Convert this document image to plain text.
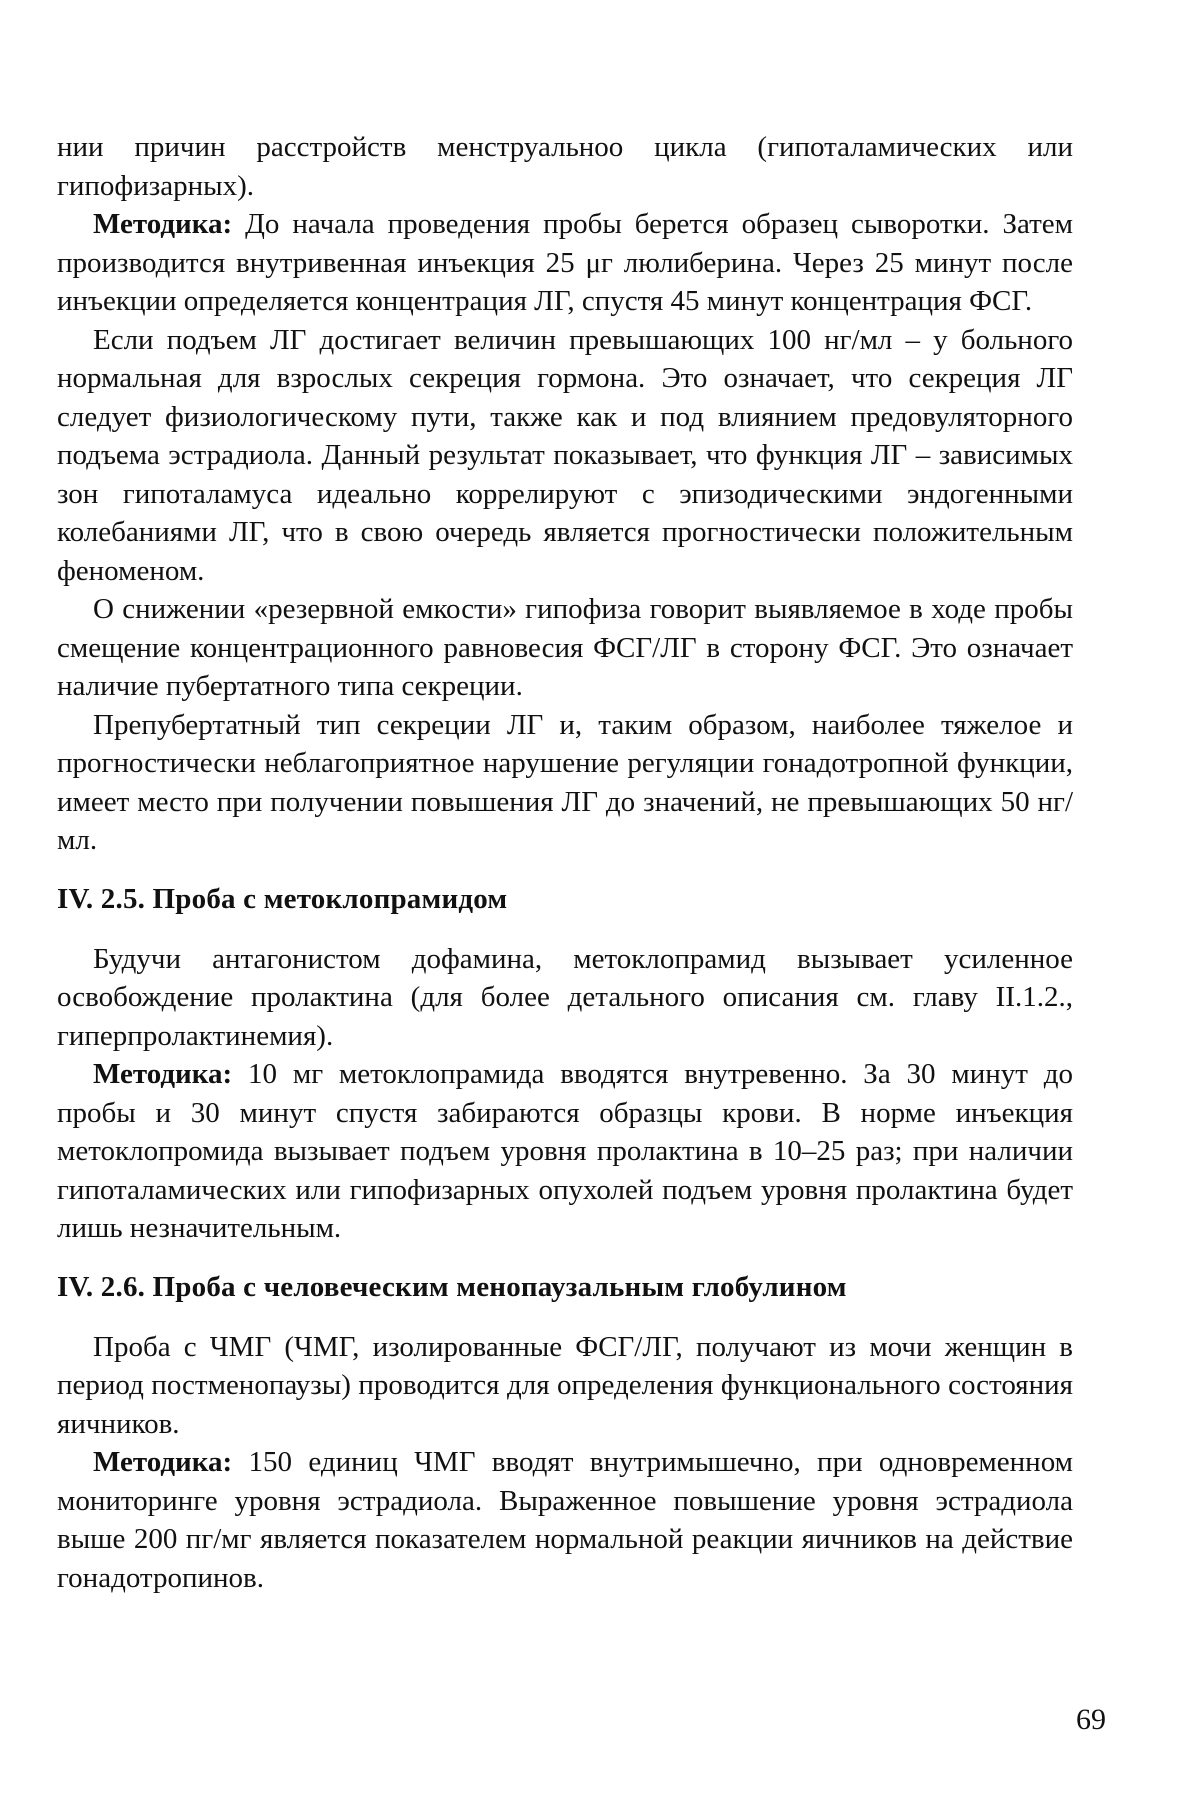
нии причин расстройств менструальноо цикла (гипоталамических или гипофизарных).

Методика: До начала проведения пробы берется образец сыворотки. Затем производится внутривенная инъекция 25 μг люлиберина. Через 25 минут после инъекции определяется концентрация ЛГ, спустя 45 минут концентрация ФСГ.

Если подъем ЛГ достигает величин превышающих 100 нг/мл – у больного нормальная для взрослых секреция гормона. Это означает, что секреция ЛГ следует физиологическому пути, также как и под влиянием предовуляторного подъема эстрадиола. Данный результат показывает, что функция ЛГ – зависимых зон гипоталамуса идеально коррелируют с эпизодическими эндогенными колебаниями ЛГ, что в свою очередь является прогностически положительным феноменом.

О снижении «резервной емкости» гипофиза говорит выявляемое в ходе пробы смещение концентрационного равновесия ФСГ/ЛГ в сторону ФСГ. Это означает наличие пубертатного типа секреции.

Препубертатный тип секреции ЛГ и, таким образом, наиболее тяжелое и прогностически неблагоприятное нарушение регуляции гонадотропной функции, имеет место при получении повышения ЛГ до значений, не превышающих 50 нг/мл.

IV. 2.5. Проба с метоклопрамидом

Будучи антагонистом дофамина, метоклопрамид вызывает усиленное освобождение пролактина (для более детального описания см. главу II.1.2., гиперпролактинемия).

Методика: 10 мг метоклопрамида вводятся внутревенно. За 30 минут до пробы и 30 минут спустя забираются образцы крови. В норме инъекция метоклопромида вызывает подъем уровня пролактина в 10–25 раз; при наличии гипоталамических или гипофизарных опухолей подъем уровня пролактина будет лишь незначительным.

IV. 2.6. Проба с человеческим менопаузальным глобулином

Проба с ЧМГ (ЧМГ, изолированные ФСГ/ЛГ, получают из мочи женщин в период постменопаузы) проводится для определения функционального состояния яичников.

Методика: 150 единиц ЧМГ вводят внутримышечно, при одновременном мониторинге уровня эстрадиола. Выраженное повышение уровня эстрадиола выше 200 пг/мг является показателем нормальной реакции яичников на действие гонадотропинов.

69
